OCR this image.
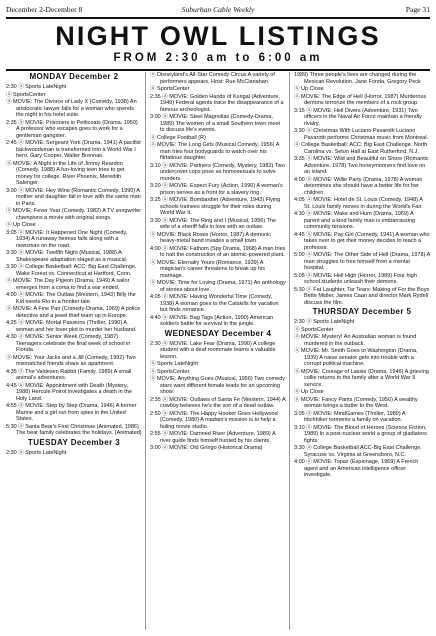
December 2-December 8	Suburban Cable Weekly	Page 31
NIGHT OWL LISTINGS
FROM 2:30 am to 6:00 am
MONDAY December 2
2:30 ⓐ Sports LateNight
ⓐ SportsCenter
ⓐ MOVIE: The Divorce of Lady X (Comedy, 1938) An aristocratic lawyer falls for a woman who spends the night in his hotel suite.
2:35 ⓐ MOVIE: Prisoners in Petticoats (Drama, 1950) A professor who escapes goes to work for a gentleman gangster.
2:45 ⓐ MOVIE: Sergeant York (Drama, 1941) A pacifist backwoodsman is transformed into a World War I hero. Gary Cooper, Walter Brennan.
ⓐ MOVIE: A Night in the Life of Jimmy Reardon (Comedy, 1988) A fun-loving teen tries to get money for college. River Phoenix, Meredith Salenger.
3:00 ⓐ MOVIE: Hey Wine (Romantic Comedy, 1990) A mother and daughter fall in love with the same man in Paris.
ⓐ MOVIE: Fever Year (Comedy, 1982) A TV songwriter champions a movie with original songs.
ⓐ Up Close
3:05 ⓐ MOVIE: It Happened One Night (Comedy, 1934) A runaway heiress falls along with a newsman on the road.
3:30 ⓐ MOVIE: Twelfth Night (Musical, 1988) A Shakespeare adaptation staged as a musical.
3:30 ⓐ College Basketball: ACC: Big East Challenge. Wake Forest vs. Connecticut at Hartford, Conn.
ⓐ MOVIE: The Day Pigeon (Drama, 1949) A sailor emerges from a coma to find a war ended.
4:00 ⓐ MOVIE: The Outlaw (Western, 1943) Billy the Kid meets Rio in a frontier tale.
ⓐ MOVIE: A Fine Pair (Comedy-Drama, 1969) A police detective and a jewel thief team up in Europe.
4:25 ⓐ MOVIE: Mortal Passions (Thriller, 1990) A woman and her lover plot to murder her husband.
4:30 ⓐ MOVIE: Senior Week (Comedy, 1987) Teenagers celebrate the final week of school in Florida.
ⓐ MOVIE: Your Jacks and a Jill (Comedy, 1992) Two mismatched friends share an apartment.
4:35 ⓐ The Valdesen Rabbit (Family, 1989) A small animal's adventures.
4:45 ⓐ MOVIE: Appointment with Death (Mystery, 1988) Hercule Poirot investigates a death in the Holy Land.
4:55 ⓐ MOVIE: Step by Step (Drama, 1946) A former Marine and a girl run from spies in the United States.
5:30 ⓐ Santa Bear's First Christmas (Animated, 1986) The bear family celebrates the holidays. (Animated)
TUESDAY December 3
2:30 ⓐ Sports LateNight
ⓐ Disneyland's All-Star Comedy Circus A variety of performers appears. Host: Rue McClanahan
ⓐ SportsCenter
2:35 ⓐ MOVIE: Golden Hands of Kurigal (Adventure, 1949) Federal agents trace the disappearance of a famous archeologist.
3:00 ⓐ MOVIE: Steel Magnolias (Comedy-Drama, 1989) The women of a small Southern town meet to discuss life's events.
ⓐ College Football (R)
ⓐ MOVIE: The Long Girls (Musical Comedy, 1956) A man tries four bodyguards to watch over his flirtatious daughter.
3:10 ⓐ MOVIE: Partners (Comedy, Mystery, 1982) Two undercover cops pose as homosexuals to solve murders.
3:20 ⓐ MOVIE: Expect Fury (Action, 1990) A woman's prison serves as a front for a slavery ring.
3:25 ⓐ MOVIE: Bombardier (Adventure, 1943) Flying schools trainees struggle for their roles during World War II.
3:30 ⓐ MOVIE: The Ring and I (Musical, 1956) The wife of a sheriff falls in love with an outlaw.
ⓐ MOVIE: Black Roses (Horror, 1987) A demonic heavy-metal band invades a small town.
4:00 ⓐ MOVIE: Fathom (Spy Drama, 1968) A man tries to halt the construction of an atomic-powered plant.
ⓐ MOVIE: Eternally Yours (Romance, 1939) A magician's career threatens to break up his marriage.
ⓐ MOVIE: Time for Loving (Drama, 1971) An anthology of stories about love.
4:05 ⓐ MOVIE: Having Wonderful Time (Comedy, 1938) A woman goes to the Catskills for vacation but finds romance.
4:40 ⓐ MOVIE: Bag Tags (Action, 1990) American soldiers battle for survival in the jungle.
WEDNESDAY December 4
2:30 ⓐ MOVIE: Lake Fear (Drama, 1990) A college student with a deaf roommate learns a valuable lesson.
ⓐ Sports LateNight
ⓐ SportsCenter
ⓐ MOVIE: Anything Goes (Musical, 1956) Two comedy stars want different female leads for an upcoming show.
2:35 ⓐ MOVIE: Outlaws of Santa Fe (Western, 1944) A cowboy believes he's the son of a dead outlaw.
2:50 ⓐ MOVIE: The Happy Hooker Goes Hollywood (Comedy, 1980) A madam's mission is to help a failing movie studio.
2:55 ⓐ MOVIE: Damned River (Adventure, 1989) A river guide finds himself hunted by his clients.
3:00 ⓐ MOVIE: Old Gringo (Historical Drama)
1989) Three people's lives are changed during the Mexican Revolution. Jane Fonda, Gregory Peck
ⓐ Up Close
ⓐ MOVIE: The Edge of Hell (Horror, 1987) Murderous demons terrorize the members of a rock group.
3:15 ⓐ MOVIE: Hell Divers (Adventure, 1931) Two officers in the Naval Air Force maintain a friendly rivalry.
3:30 ⓐ Christmas With Luciano Pavarotti Luciano Pavarotti performs Christmas music from Montreal.
ⓐ College Basketball: ACC: Big East Challenge. North Carolina vs. Seton Hall at East Rutherford, N.J.
3:35 ⓐ MOVIE: Wild and Beautiful on Shore (Romantic Adventure, 1978) Two honeymooners find love on an island.
4:00 ⓐ MOVIE: Willie Party (Drama, 1978) A woman determines she should have a better life for her children.
4:05 ⓐ MOVIE: Hotel de St. Louis (Comedy, 1948) A St. Louis family moves in during the World's Fair.
4:30 ⓐ MOVIE: Wake and Hum (Drama, 1969) A parent and a kind family man is embarrassing community tensions.
4:45 ⓐ MOVIE: Pay Girl (Comedy, 1941) A woman who takes over to get their money decides to teach a professor.
5:00 ⓐ MOVIE: The Other Side of Hell (Drama, 1978) A man struggles to free himself from a mental hospital.
5:05 ⓐ MOVIE: Hell High (Horror, 1989) Four high school students unleash their demons.
5:30 ⓐ Fat Laughter, Tar Tears: Making of For the Boys Bette Midler, James Caan and director Mark Rydell discuss the film.
THURSDAY December 5
2:30 ⓐ Sports LateNight
ⓐ SportsCenter
ⓐ MOVIE: Mystery! An Australian woman is found murdered in the outback.
ⓐ MOVIE: Mr. Smith Goes to Washington (Drama, 1939) A naive senator gets into trouble with a corrupt political machine.
ⓐ MOVIE: Courage of Lassie (Drama, 1946) A grieving collie returns to the family after a World War II service.
ⓐ Up Close
ⓐ MOVIE: Fancy Pants (Comedy, 1950) A wealthy woman brings a butler to the West.
3:05 ⓐ MOVIE: MindGames (Thriller, 1989) A hitchhiker torments a family on vacation.
3:10 ⓐ MOVIE: The Blood of Heroes (Science Fiction, 1989) In a post-nuclear world a group of gladiators fights.
3:30 ⓐ College Basketball ACC-Big East Challenge. Syracuse vs. Virginia at Greensboro, N.C.
4:00 ⓐ MOVIE: Topaz (Espionage, 1969) A French agent and an American intelligence officer investigate.
